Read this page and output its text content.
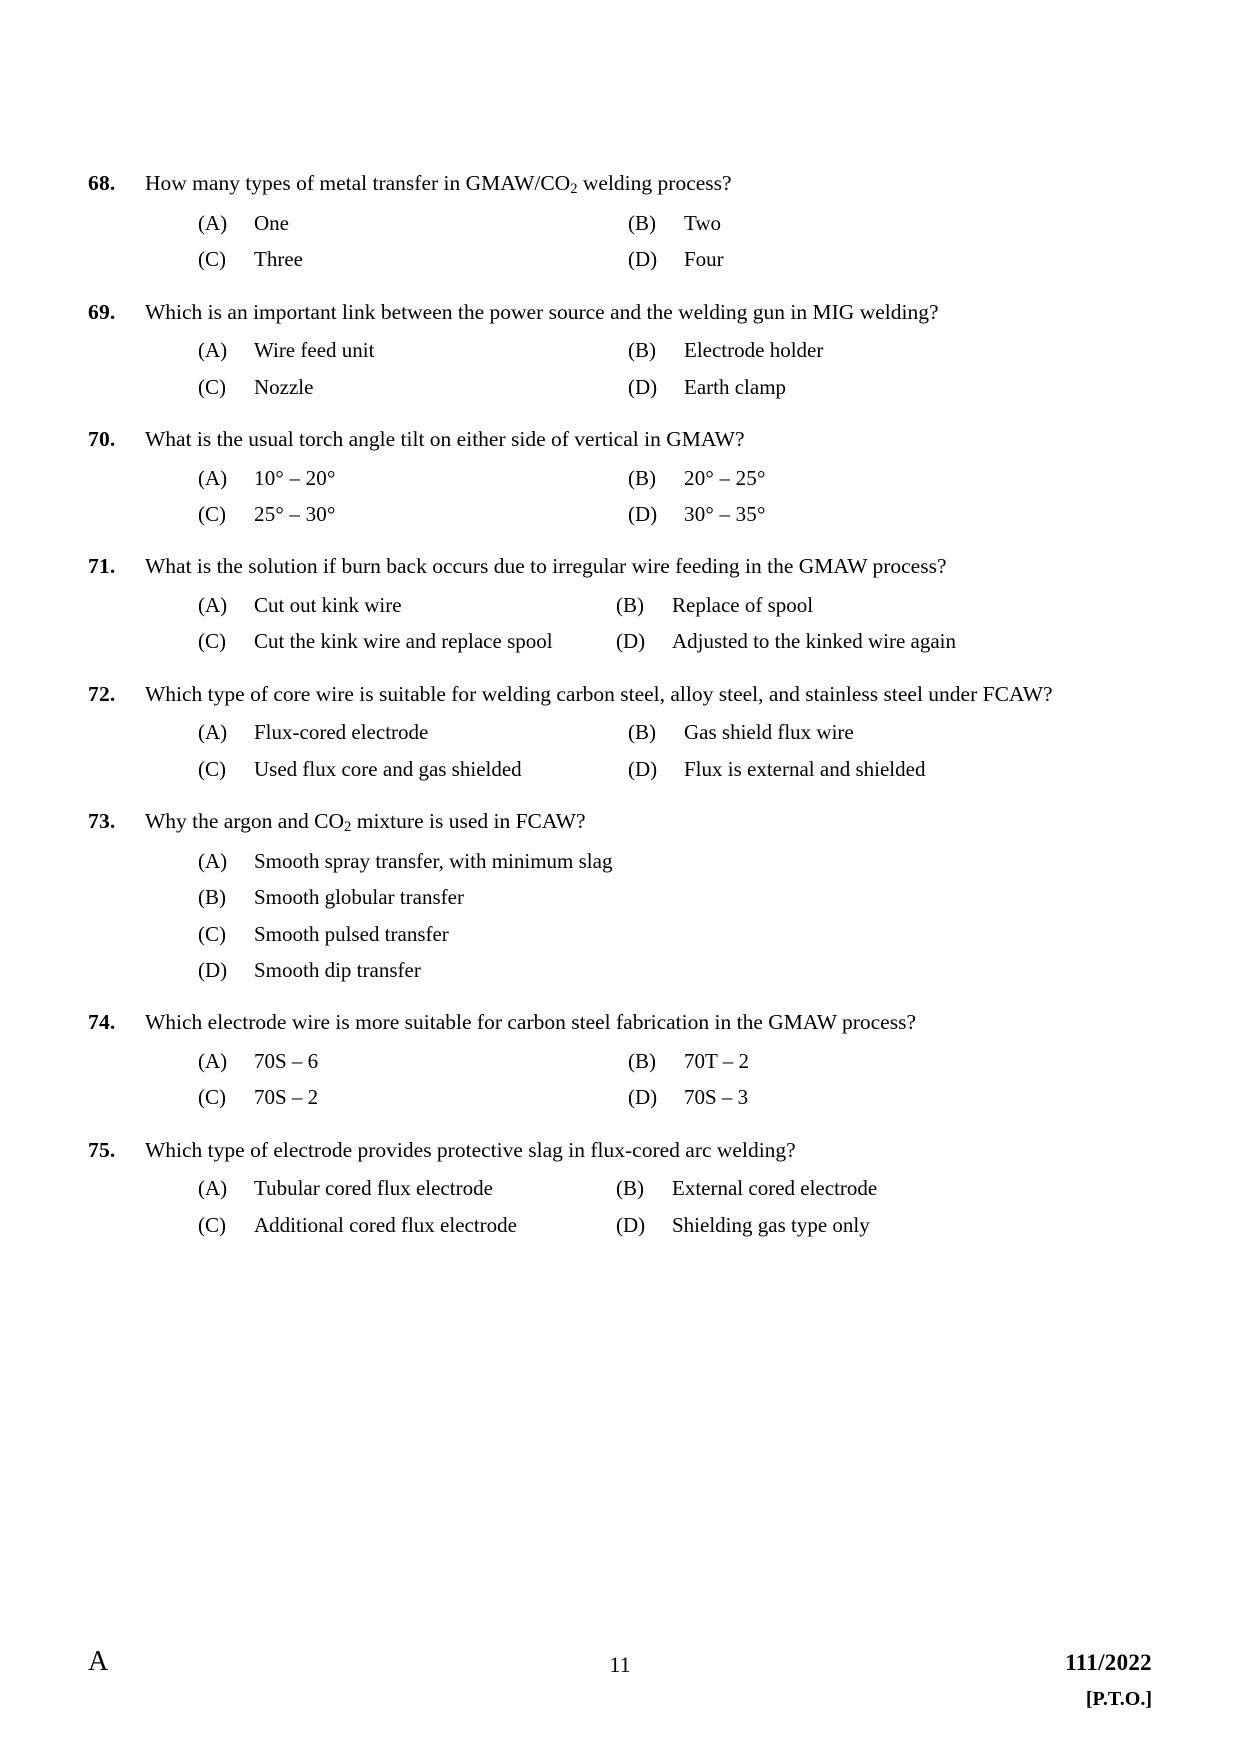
68.	How many types of metal transfer in GMAW/$CO_2$ welding process?
(A)	One	(B)	Two
(C)	Three	(D)	Four
69.	Which is an important link between the power source and the welding gun in MIG welding?
(A)	Wire feed unit	(B)	Electrode holder
(C)	Nozzle	(D)	Earth clamp
70.	What is the usual torch angle tilt on either side of vertical in GMAW?
(A)	10° – 20°	(B)	20° – 25°
(C)	25° – 30°	(D)	30° – 35°
71.	What is the solution if burn back occurs due to irregular wire feeding in the GMAW process?
(A)	Cut out kink wire	(B)	Replace of spool
(C)	Cut the kink wire and replace spool	(D)	Adjusted to the kinked wire again
72.	Which type of core wire is suitable for welding carbon steel, alloy steel, and stainless steel under FCAW?
(A)	Flux-cored electrode	(B)	Gas shield flux wire
(C)	Used flux core and gas shielded	(D)	Flux is external and shielded
73.	Why the argon and $CO_2$ mixture is used in FCAW?
(A)	Smooth spray transfer, with minimum slag
(B)	Smooth globular transfer
(C)	Smooth pulsed transfer
(D)	Smooth dip transfer
74.	Which electrode wire is more suitable for carbon steel fabrication in the GMAW process?
(A)	70S – 6	(B)	70T – 2
(C)	70S – 2	(D)	70S – 3
75.	Which type of electrode provides protective slag in flux-cored arc welding?
(A)	Tubular cored flux electrode	(B)	External cored electrode
(C)	Additional cored flux electrode	(D)	Shielding gas type only
A	11	111/2022
[P.T.O.]
